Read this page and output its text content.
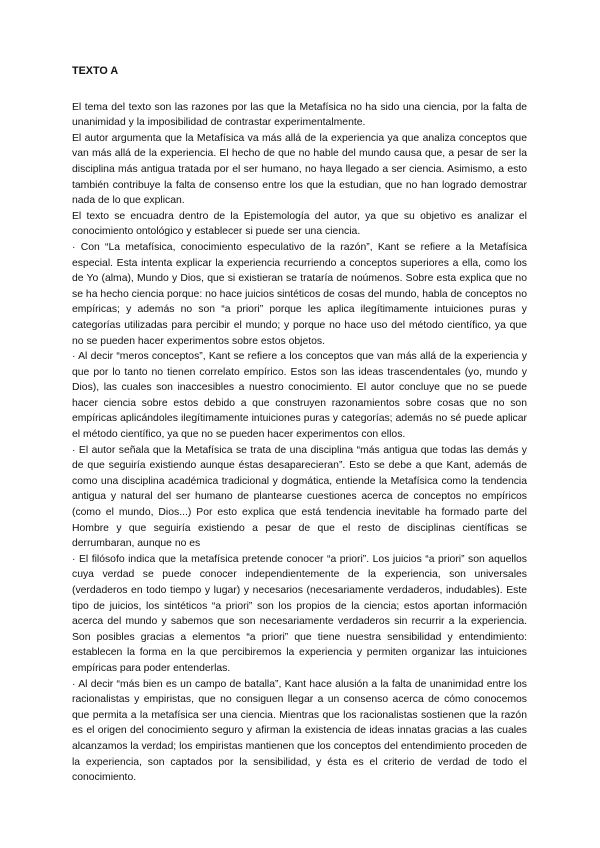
TEXTO A

El tema del texto son las razones por las que la Metafísica no ha sido una ciencia, por la falta de unanimidad y la imposibilidad de contrastar experimentalmente.

El autor argumenta que la Metafísica va más allá de la experiencia ya que analiza conceptos que van más allá de la experiencia. El hecho de que no hable del mundo causa que, a pesar de ser la disciplina más antigua tratada por el ser humano, no haya llegado a ser ciencia. Asimismo, a esto también contribuye la falta de consenso entre los que la estudian, que no han logrado demostrar nada de lo que explican.

El texto se encuadra dentro de la Epistemología del autor, ya que su objetivo es analizar el conocimiento ontológico y establecer si puede ser una ciencia.

· Con “La metafísica, conocimiento especulativo de la razón”, Kant se refiere a la Metafísica especial. Esta intenta explicar la experiencia recurriendo a conceptos superiores a ella, como los de Yo (alma), Mundo y Dios, que si existieran se trataría de noúmenos. Sobre esta explica que no se ha hecho ciencia porque: no hace juicios sintéticos de cosas del mundo, habla de conceptos no empíricas; y además no son “a priori” porque les aplica ilegítimamente intuiciones puras y categorías utilizadas para percibir el mundo; y porque no hace uso del método científico, ya que no se pueden hacer experimentos sobre estos objetos.

· Al decir “meros conceptos”, Kant se refiere a los conceptos que van más allá de la experiencia y que por lo tanto no tienen correlato empírico. Estos son las ideas trascendentales (yo, mundo y Dios), las cuales son inaccesibles a nuestro conocimiento. El autor concluye que no se puede hacer ciencia sobre estos debido a que construyen razonamientos sobre cosas que no son empíricas aplicándoles ilegítimamente intuiciones puras y categorías; además no sé puede aplicar el método científico, ya que no se pueden hacer experimentos con ellos.

· El autor señala que la Metafísica se trata de una disciplina “más antigua que todas las demás y de que seguiría existiendo aunque éstas desaparecieran”. Esto se debe a que Kant, además de como una disciplina académica tradicional y dogmática, entiende la Metafísica como la tendencia antigua y natural del ser humano de plantearse cuestiones acerca de conceptos no empíricos (como el mundo, Dios...) Por esto explica que está tendencia inevitable ha formado parte del Hombre y que seguiría existiendo a pesar de que el resto de disciplinas científicas se derrumbaran, aunque no es

· El filósofo indica que la metafísica pretende conocer “a priori”. Los juicios “a priori” son aquellos cuya verdad se puede conocer independientemente de la experiencia, son universales (verdaderos en todo tiempo y lugar) y necesarios (necesariamente verdaderos, indudables). Este tipo de juicios, los sintéticos “a priori” son los propios de la ciencia; estos aportan información acerca del mundo y sabemos que son necesariamente verdaderos sin recurrir a la experiencia. Son posibles gracias a elementos “a priori” que tiene nuestra sensibilidad y entendimiento: establecen la forma en la que percibiremos la experiencia y permiten organizar las intuiciones empíricas para poder entenderlas.

· Al decir “más bien es un campo de batalla”, Kant hace alusión a la falta de unanimidad entre los racionalistas y empiristas, que no consiguen llegar a un consenso acerca de cómo conocemos que permita a la metafísica ser una ciencia. Mientras que los racionalistas sostienen que la razón es el origen del conocimiento seguro y afirman la existencia de ideas innatas gracias a las cuales alcanzamos la verdad; los empiristas mantienen que los conceptos del entendimiento proceden de la experiencia, son captados por la sensibilidad, y ésta es el criterio de verdad de todo el conocimiento.
